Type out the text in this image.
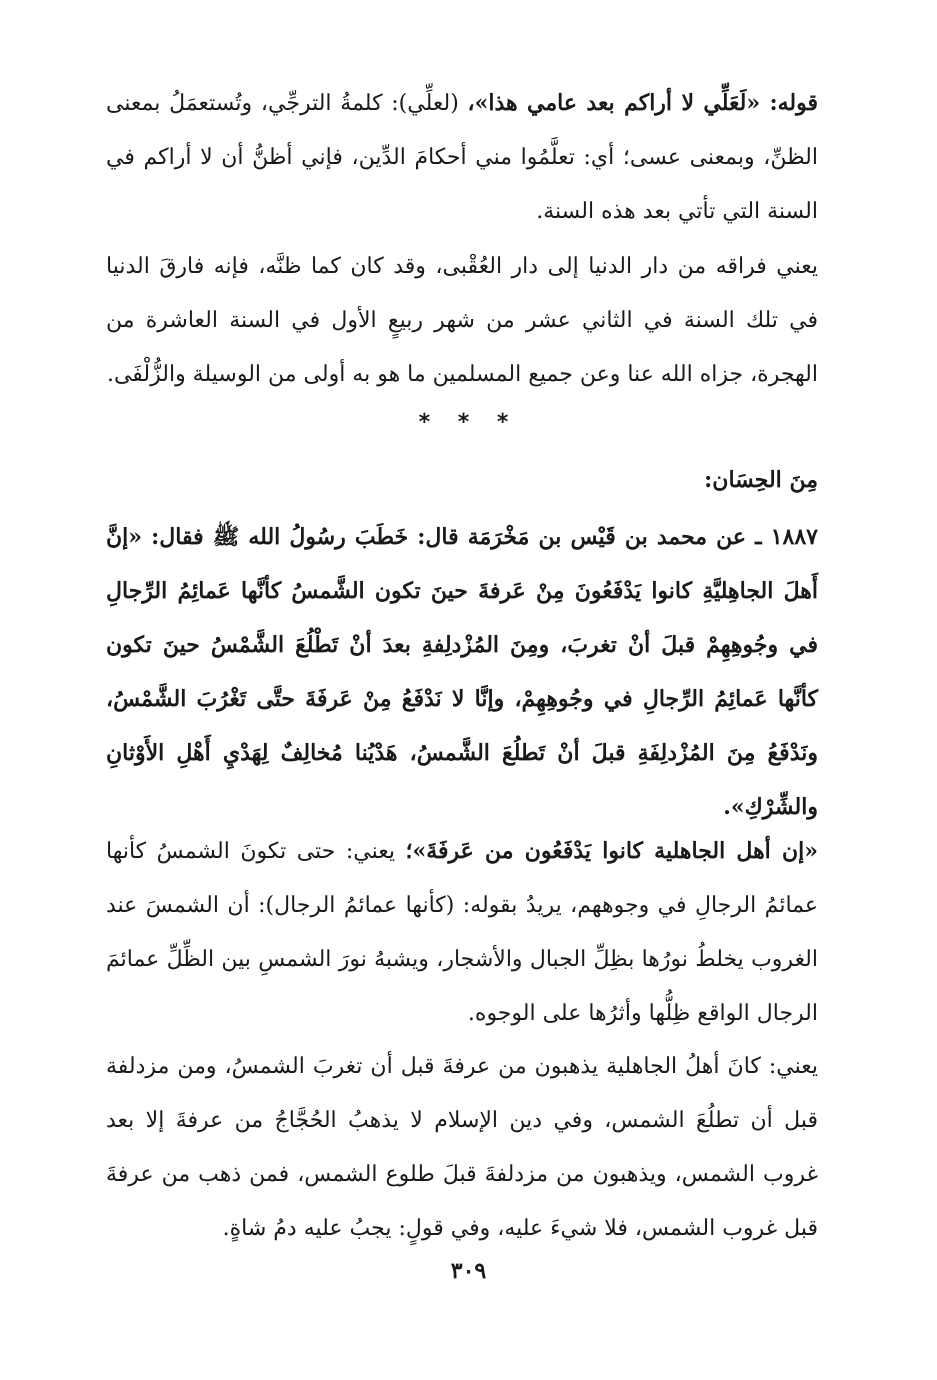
قوله: «لَعَلِّي لا أراكم بعد عامي هذا»، (لعلِّي): كلمةُ الترجِّي، وتُستعمَلُ بمعنى الظنِّ، وبمعنى عسى؛ أي: تعلَّمُوا مني أحكامَ الدِّين، فإني أظنُّ أن لا أراكم في السنة التي تأتي بعد هذه السنة.

يعني فراقه من دار الدنيا إلى دار العُقْبى، وقد كان كما ظنَّه، فإنه فارقَ الدنيا في تلك السنة في الثاني عشر من شهر ربيعٍ الأول في السنة العاشرة من الهجرة، جزاه الله عنا وعن جميع المسلمين ما هو به أولى من الوسيلة والزُّلْفَى.

* * *
مِنَ الحِسَان:

١٨٨٧ ـ عن محمد بن قَيْس بن مَخْرَمَة قال: خَطَبَ رسُولُ الله ﷺ فقال: «إنَّ أَهلَ الجاهِليَّةِ كانوا يَدْفَعُونَ مِنْ عَرفةَ حينَ تكون الشَّمسُ كأنَّها عَمائِمُ الرِّجالِ في وجُوهِهِمْ قبلَ أنْ تغربَ، ومِنَ المُزْدلِفةِ بعدَ أنْ تَطْلُعَ الشَّمْسُ حينَ تكون كأنَّها عَمائِمُ الرِّجالِ في وجُوهِهِمْ، وإنَّا لا نَدْفَعُ مِنْ عَرفَةَ حتَّى تَغْرُبَ الشَّمْسُ، ونَدْفَعُ مِنَ المُزْدلِفَةِ قبلَ أنْ تَطلُعَ الشَّمسُ، هَدْيُنا مُخالِفٌ لِهَدْيِ أَهْلِ الأَوْثانِ والشِّرْكِ».

«إن أهل الجاهلية كانوا يَدْفَعُون من عَرفَةَ»؛ يعني: حتى تكونَ الشمسُ كأنها عمائمُ الرجالِ في وجوههم، يريدُ بقوله: (كأنها عمائمُ الرجال): أن الشمسَ عند الغروب يخلطُ نورُها بظِلِّ الجبال والأشجار، ويشبهُ نورَ الشمسِ بين الظِّلِّ عمائمَ الرجال الواقع ظِلُّها وأثرُها على الوجوه.

يعني: كانَ أهلُ الجاهلية يذهبون من عرفةَ قبل أن تغربَ الشمسُ، ومن مزدلفة قبل أن تطلُعَ الشمس، وفي دين الإسلام لا يذهبُ الحُجَّاجُ من عرفةَ إلا بعد غروب الشمس، ويذهبون من مزدلفةَ قبلَ طلوع الشمس، فمن ذهب من عرفةَ قبل غروب الشمس، فلا شيءَ عليه، وفي قولٍ: يجبُ عليه دمُ شاةٍ.

٣٠٩
